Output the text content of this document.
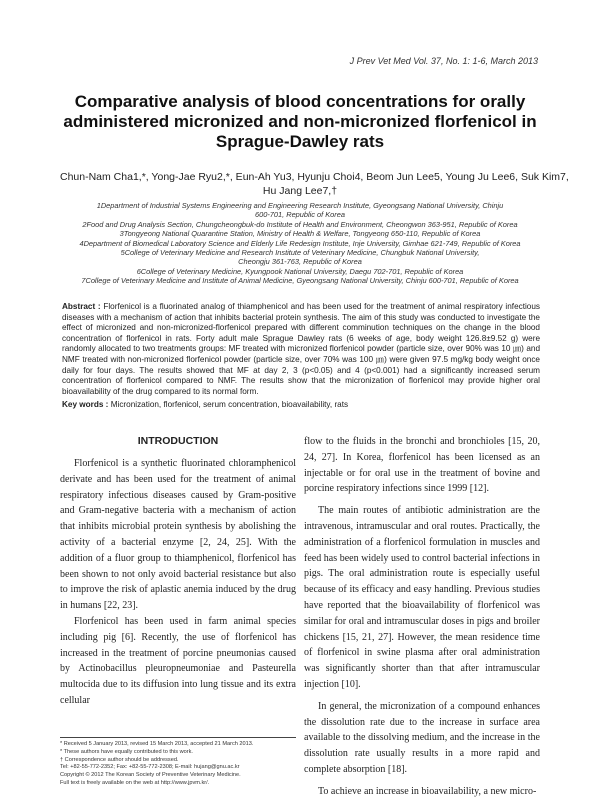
J Prev Vet Med Vol. 37, No. 1: 1-6, March 2013
Comparative analysis of blood concentrations for orally
administered micronized and non-micronized florfenicol in
Sprague-Dawley rats
Chun-Nam Cha1,*, Yong-Jae Ryu2,*, Eun-Ah Yu3, Hyunju Choi4, Beom Jun Lee5, Young Ju Lee6, Suk Kim7,
Hu Jang Lee7,†
1Department of Industrial Systems Engineering and Engineering Research Institute, Gyeongsang National University, Chinju
600-701, Republic of Korea
2Food and Drug Analysis Section, Chungcheongbuk-do Institute of Health and Environment, Cheongwon 363-951, Republic of Korea
3Tongyeong National Quarantine Station, Ministry of Health & Welfare, Tongyeong 650-110, Republic of Korea
4Department of Biomedical Laboratory Science and Elderly Life Redesign Institute, Inje University, Gimhae 621-749, Republic of Korea
5College of Veterinary Medicine and Research Institute of Veterinary Medicine, Chungbuk National University,
Cheongju 361-763, Republic of Korea
6College of Veterinary Medicine, Kyungpook National University, Daegu 702-701, Republic of Korea
7College of Veterinary Medicine and Institute of Animal Medicine, Gyeongsang National University, Chinju 600-701, Republic of Korea
Abstract : Florfenicol is a fluorinated analog of thiamphenicol and has been used for the treatment of animal respiratory infectious diseases with a mechanism of action that inhibits bacterial protein synthesis. The aim of this study was conducted to investigate the effect of micronized and non-micronized-florfenicol prepared with different comminution techniques on the change in the blood concentration of florfenicol in rats. Forty adult male Sprague Dawley rats (6 weeks of age, body weight 126.8±9.52 g) were randomly allocated to two treatments groups: MF treated with micronized florfenicol powder (particle size, over 90% was 10 ㎛) and NMF treated with non-micronized florfenicol powder (particle size, over 70% was 100 ㎛) were given 97.5 mg/kg body weight once daily for four days. The results showed that MF at day 2, 3 (p<0.05) and 4 (p<0.001) had a significantly increased serum concentration of florfenicol compared to NMF. The results show that the micronization of florfenicol may provide higher oral bioavailability of the drug compared to its normal form.
Key words : Micronization, florfenicol, serum concentration, bioavailability, rats
INTRODUCTION

Florfenicol is a synthetic fluorinated chloramphenicol derivate and has been used for the treatment of animal respiratory infectious diseases caused by Gram-positive and Gram-negative bacteria with a mechanism of action that inhibits microbial protein synthesis by abolishing the activity of a bacterial enzyme [2, 24, 25]. With the addition of a fluor group to thiamphenicol, florfenicol has been shown to not only avoid bacterial resistance but also to improve the risk of aplastic anemia induced by the drug in humans [22, 23].

Florfenicol has been used in farm animal species including pig [6]. Recently, the use of florfenicol has increased in the treatment of porcine pneumonias caused by Actinobacillus pleuropneumoniae and Pasteurella multocida due to its diffusion into lung tissue and its extra cellular

flow to the fluids in the bronchi and bronchioles [15, 20, 24, 27]. In Korea, florfenicol has been licensed as an injectable or for oral use in the treatment of bovine and porcine respiratory infections since 1999 [12].

The main routes of antibiotic administration are the intravenous, intramuscular and oral routes. Practically, the administration of a florfenicol formulation in muscles and feed has been widely used to control bacterial infections in pigs. The oral administration route is especially useful because of its efficacy and easy handling. Previous studies have reported that the bioavailability of florfenicol was similar for oral and intramuscular doses in pigs and broiler chickens [15, 21, 27]. However, the mean residence time of florfenicol in swine plasma after oral administration was significantly shorter than that after intramuscular injection [10].

In general, the micronization of a compound enhances the dissolution rate due to the increase in surface area available to the dissolving medium, and the increase in the dissolution rate usually results in a more rapid and complete absorption [18].

To achieve an increase in bioavailability, a new micro-

* Received 5 January 2013, revised 15 March 2013, accepted 21 March 2013.
* These authors have equally contributed to this work.
† Correspondence author should be addressed.
Tel: +82-55-772-2352; Fax: +82-55-772-2308; E-mail: hujang@gnu.ac.kr
Copyright © 2012 The Korean Society of Preventive Veterinary Medicine.
Full text is freely available on the web at http://www.jpvm.kr/.
